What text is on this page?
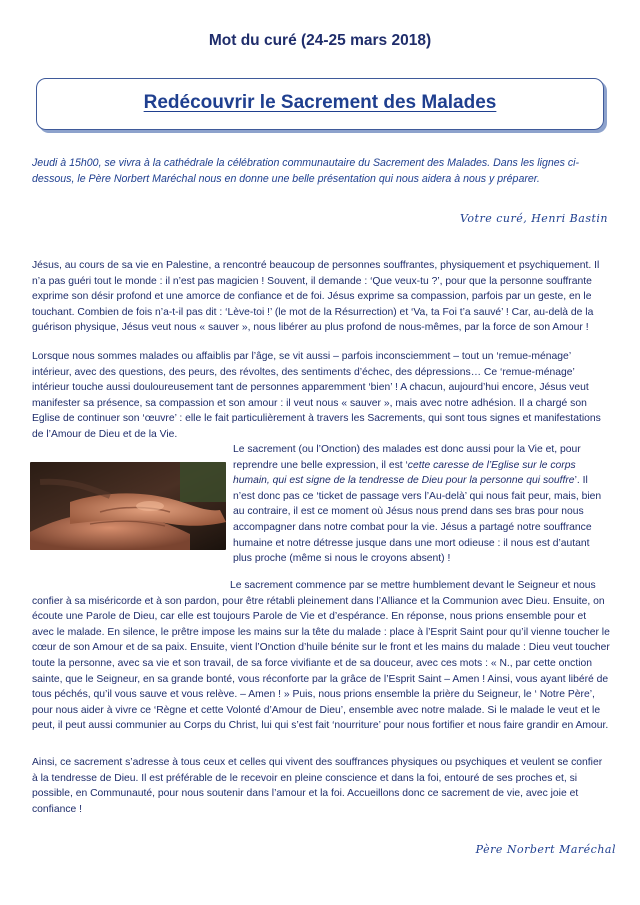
Mot du curé (24-25 mars 2018)
Redécouvrir le Sacrement des Malades
Jeudi à 15h00, se vivra à la cathédrale la célébration communautaire du Sacrement des Malades. Dans les lignes ci-dessous, le Père Norbert Maréchal nous en donne une belle présentation qui nous aidera à nous y préparer.
Votre curé, Henri Bastin
Jésus, au cours de sa vie en Palestine, a rencontré beaucoup de personnes souffrantes, physiquement et psychiquement. Il n’a pas guéri tout le monde : il n’est pas magicien ! Souvent, il demande : ‘Que veux-tu ?’, pour que la personne souffrante exprime son désir profond et une amorce de confiance et de foi. Jésus exprime sa compassion, parfois par un geste, en le touchant. Combien de fois n’a-t-il pas dit : ‘Lève-toi !’ (le mot de la Résurrection) et ‘Va, ta Foi t’a sauvé’ ! Car, au-delà de la guérison physique, Jésus veut nous « sauver », nous libérer au plus profond de nous-mêmes, par la force de son Amour !
Lorsque nous sommes malades ou affaiblis par l’âge, se vit aussi – parfois inconsciemment – tout un ‘remue-ménage’ intérieur, avec des questions, des peurs, des révoltes, des sentiments d’échec, des dépressions… Ce ‘remue-ménage’ intérieur touche aussi douloureusement tant de personnes apparemment ‘bien’ ! A chacun, aujourd’hui encore, Jésus veut manifester sa présence, sa compassion et son amour : il veut nous « sauver », mais avec notre adhésion. Il a chargé son Eglise de continuer son ‘œuvre’ : elle le fait particulièrement à travers les Sacrements, qui sont tous signes et manifestations de l’Amour de Dieu et de la Vie.
Le sacrement (ou l’Onction) des malades est donc aussi pour la Vie et, pour reprendre une belle expression, il est ‘cette caresse de l’Eglise sur le corps humain, qui est signe de la tendresse de Dieu pour la personne qui souffre’. Il n’est donc pas ce ‘ticket de passage vers l’Au-delà’ qui nous fait peur, mais, bien au contraire, il est ce moment où Jésus nous prend dans ses bras pour nous accompagner dans notre combat pour la vie. Jésus a partagé notre souffrance humaine et notre détresse jusque dans une mort odieuse : il nous est d’autant plus proche (même si nous le croyons absent) !
Le sacrement commence par se mettre humblement devant le Seigneur et nous confier à sa miséricorde et à son pardon, pour être rétabli pleinement dans l’Alliance et la Communion avec Dieu. Ensuite, on écoute une Parole de Dieu, car elle est toujours Parole de Vie et d’espérance. En réponse, nous prions ensemble pour et avec le malade. En silence, le prêtre impose les mains sur la tête du malade : place à l’Esprit Saint pour qu’il vienne toucher le cœur de son Amour et de sa paix. Ensuite, vient l’Onction d’huile bénite sur le front et les mains du malade : Dieu veut toucher toute la personne, avec sa vie et son travail, de sa force vivifiante et de sa douceur, avec ces mots : « N., par cette onction sainte, que le Seigneur, en sa grande bonté, vous réconforte par la grâce de l’Esprit Saint – Amen ! Ainsi, vous ayant libéré de tous péchés, qu’il vous sauve et vous relève. – Amen ! » Puis, nous prions ensemble la prière du Seigneur, le ‘ Notre Père’, pour nous aider à vivre ce ‘Règne et cette Volonté d’Amour de Dieu’, ensemble avec notre malade. Si le malade le veut et le peut, il peut aussi communier au Corps du Christ, lui qui s’est fait ‘nourriture’ pour nous fortifier et nous faire grandir en Amour.
Ainsi, ce sacrement s’adresse à tous ceux et celles qui vivent des souffrances physiques ou psychiques et veulent se confier à la tendresse de Dieu. Il est préférable de le recevoir en pleine conscience et dans la foi, entouré de ses proches et, si possible, en Communauté, pour nous soutenir dans l’amour et la foi. Accueillons donc ce sacrement de vie, avec joie et confiance !
Père Norbert Maréchal
